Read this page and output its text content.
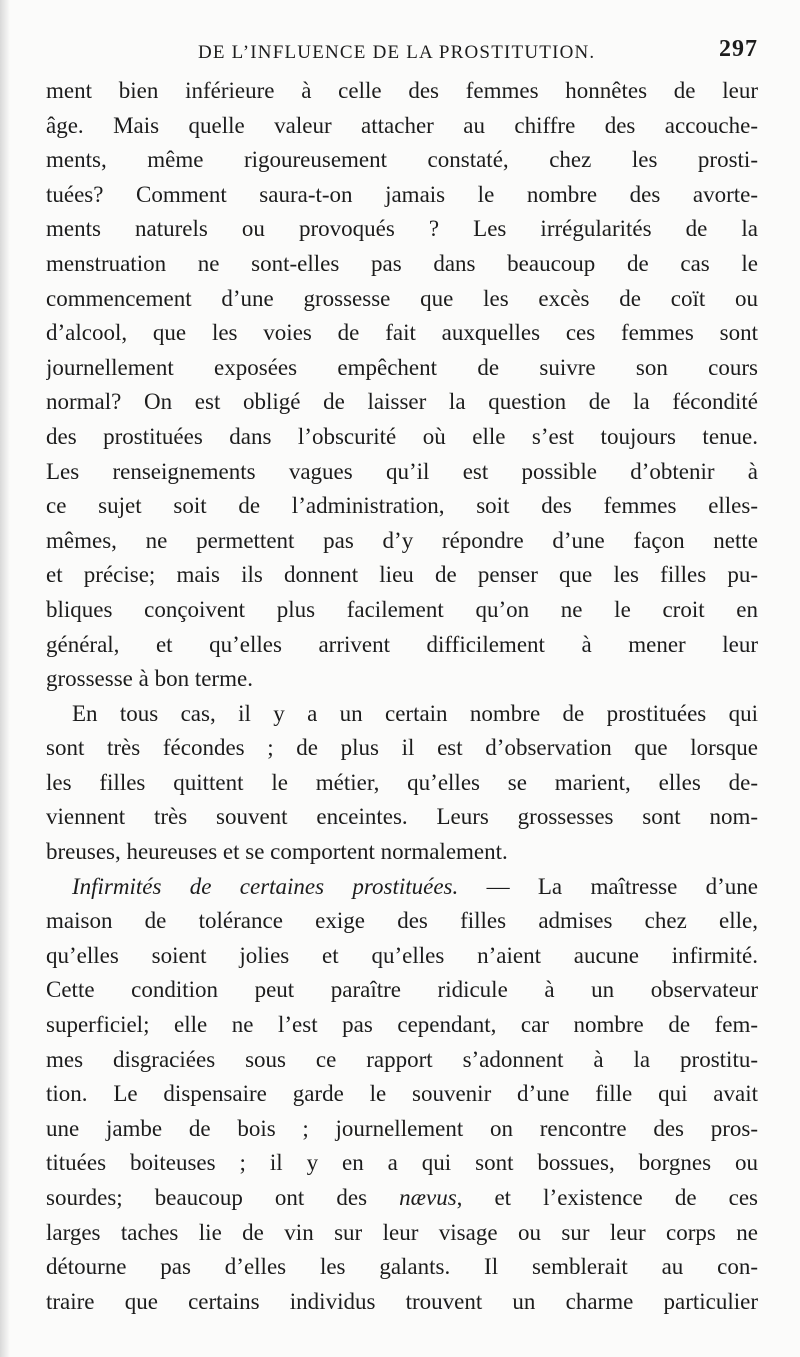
DE L’INFLUENCE DE LA PROSTITUTION.	297
ment bien inférieure à celle des femmes honnêtes de leur
âge. Mais quelle valeur attacher au chiffre des accouche-
ments, même rigoureusement constaté, chez les prosti-
tuées? Comment saura-t-on jamais le nombre des avorte-
ments naturels ou provoqués ? Les irrégularités de la
menstruation ne sont-elles pas dans beaucoup de cas le
commencement d’une grossesse que les excès de coït ou
d’alcool, que les voies de fait auxquelles ces femmes sont
journellement exposées empêchent de suivre son cours
normal? On est obligé de laisser la question de la fécondité
des prostituées dans l’obscurité où elle s’est toujours tenue.
Les renseignements vagues qu’il est possible d’obtenir à
ce sujet soit de l’administration, soit des femmes elles-
mêmes, ne permettent pas d’y répondre d’une façon nette
et précise; mais ils donnent lieu de penser que les filles pu-
bliques conçoivent plus facilement qu’on ne le croit en
général, et qu’elles arrivent difficilement à mener leur
grossesse à bon terme.
En tous cas, il y a un certain nombre de prostituées qui
sont très fécondes ; de plus il est d’observation que lorsque
les filles quittent le métier, qu’elles se marient, elles de-
viennent très souvent enceintes. Leurs grossesses sont nom-
breuses, heureuses et se comportent normalement.
Infirmités de certaines prostituées. — La maîtresse d’une
maison de tolérance exige des filles admises chez elle,
qu’elles soient jolies et qu’elles n’aient aucune infirmité.
Cette condition peut paraître ridicule à un observateur
superficiel; elle ne l’est pas cependant, car nombre de fem-
mes disgraciées sous ce rapport s’adonnent à la prostitu-
tion. Le dispensaire garde le souvenir d’une fille qui avait
une jambe de bois ; journellement on rencontre des pros-
tituées boiteuses ; il y en a qui sont bossues, borgnes ou
sourdes; beaucoup ont des nævus, et l’existence de ces
larges taches lie de vin sur leur visage ou sur leur corps ne
détourne pas d’elles les galants. Il semblerait au con-
traire que certains individus trouvent un charme particulier
